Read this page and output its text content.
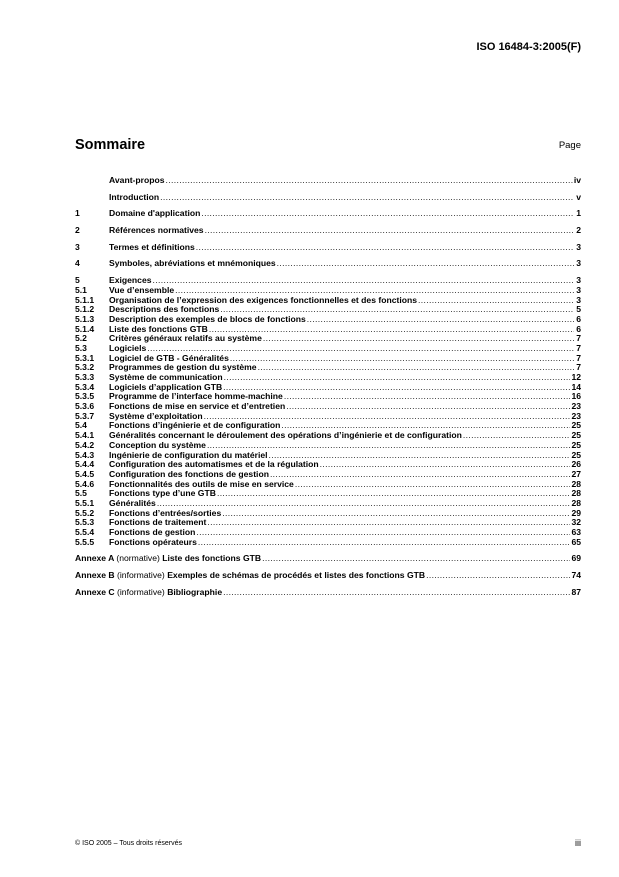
ISO 16484-3:2005(F)
Sommaire	Page
Avant-propos .....	iv
Introduction .....	v
1	Domaine d'application .....	1
2	Références normatives .....	2
3	Termes et définitions .....	3
4	Symboles, abréviations et mnémoniques .....	3
5	Exigences .....	3
5.1	Vue d’ensemble .....	3
5.1.1	Organisation de l’expression des exigences fonctionnelles et des fonctions .....	3
5.1.2	Descriptions des fonctions .....	5
5.1.3	Description des exemples de blocs de fonctions .....	6
5.1.4	Liste des fonctions GTB .....	6
5.2	Critères généraux relatifs au système .....	7
5.3	Logiciels .....	7
5.3.1	Logiciel de GTB - Généralités .....	7
5.3.2	Programmes de gestion du système .....	7
5.3.3	Système de communication .....	12
5.3.4	Logiciels d’application GTB .....	14
5.3.5	Programme de l’interface homme-machine .....	16
5.3.6	Fonctions de mise en service et d’entretien .....	23
5.3.7	Système d’exploitation .....	23
5.4	Fonctions d’ingénierie et de configuration .....	25
5.4.1	Généralités concernant le déroulement des opérations d’ingénierie et de configuration .....	25
5.4.2	Conception du système .....	25
5.4.3	Ingénierie de configuration du matériel .....	25
5.4.4	Configuration des automatismes et de la régulation .....	26
5.4.5	Configuration des fonctions de gestion .....	27
5.4.6	Fonctionnalités des outils de mise en service .....	28
5.5	Fonctions type d’une GTB .....	28
5.5.1	Généralités .....	28
5.5.2	Fonctions d’entrées/sorties .....	29
5.5.3	Fonctions de traitement .....	32
5.5.4	Fonctions de gestion .....	63
5.5.5	Fonctions opérateurs .....	65
Annexe A (normative) Liste des fonctions GTB .....	69
Annexe B (informative) Exemples de schémas de procédés et listes des fonctions GTB .....	74
Annexe C (informative) Bibliographie .....	87
© ISO 2005 – Tous droits réservés	iii
